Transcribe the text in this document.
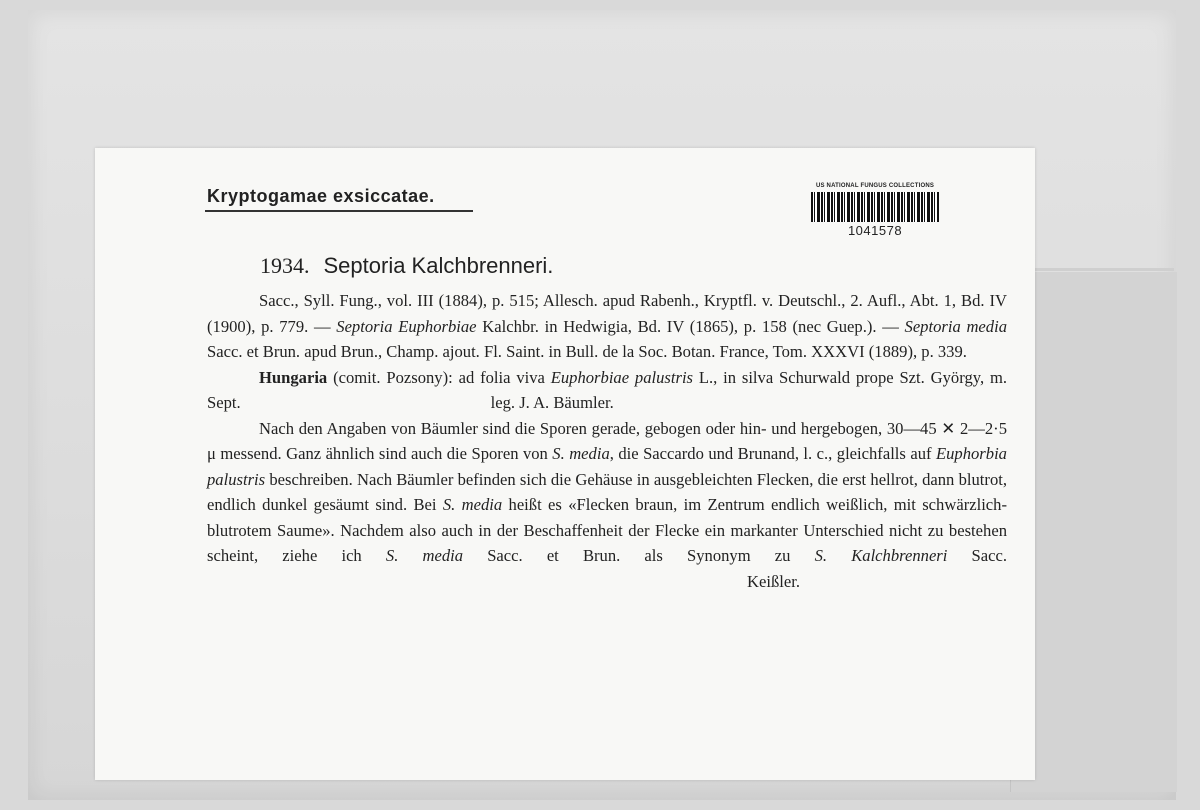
Kryptogamae exsiccatae.	US NATIONAL FUNGUS COLLECTIONS
1041578
1934. Septoria Kalchbrenneri.

Sacc., Syll. Fung., vol. III (1884), p. 515; Allesch. apud Rabenh., Kryptfl. v. Deutschl., 2. Aufl., Abt. 1, Bd. IV (1900), p. 779. — Septoria Euphorbiae Kalchbr. in Hedwigia, Bd. IV (1865), p. 158 (nec Guep.). — Septoria media Sacc. et Brun. apud Brun., Champ. ajout. Fl. Saint. in Bull. de la Soc. Botan. France, Tom. XXXVI (1889), p. 339.

Hungaria (comit. Pozsony): ad folia viva Euphorbiae palustris L., in silva Schurwald prope Szt. György, m. Sept.	leg. J. A. Bäumler.

Nach den Angaben von Bäumler sind die Sporen gerade, gebogen oder hin- und hergebogen, 30—45 ✕ 2—2·5 μ messend. Ganz ähnlich sind auch die Sporen von S. media, die Saccardo und Brunand, l. c., gleichfalls auf Euphorbia palustris beschreiben. Nach Bäumler befinden sich die Gehäuse in ausgebleichten Flecken, die erst hellrot, dann blutrot, endlich dunkel gesäumt sind. Bei S. media heißt es «Flecken braun, im Zentrum endlich weißlich, mit schwärzlich-blutrotem Saume». Nachdem also auch in der Beschaffenheit der Flecke ein markanter Unterschied nicht zu bestehen scheint, ziehe ich S. media Sacc. et Brun. als Synonym zu S. Kalchbrenneri Sacc.Keißler.
